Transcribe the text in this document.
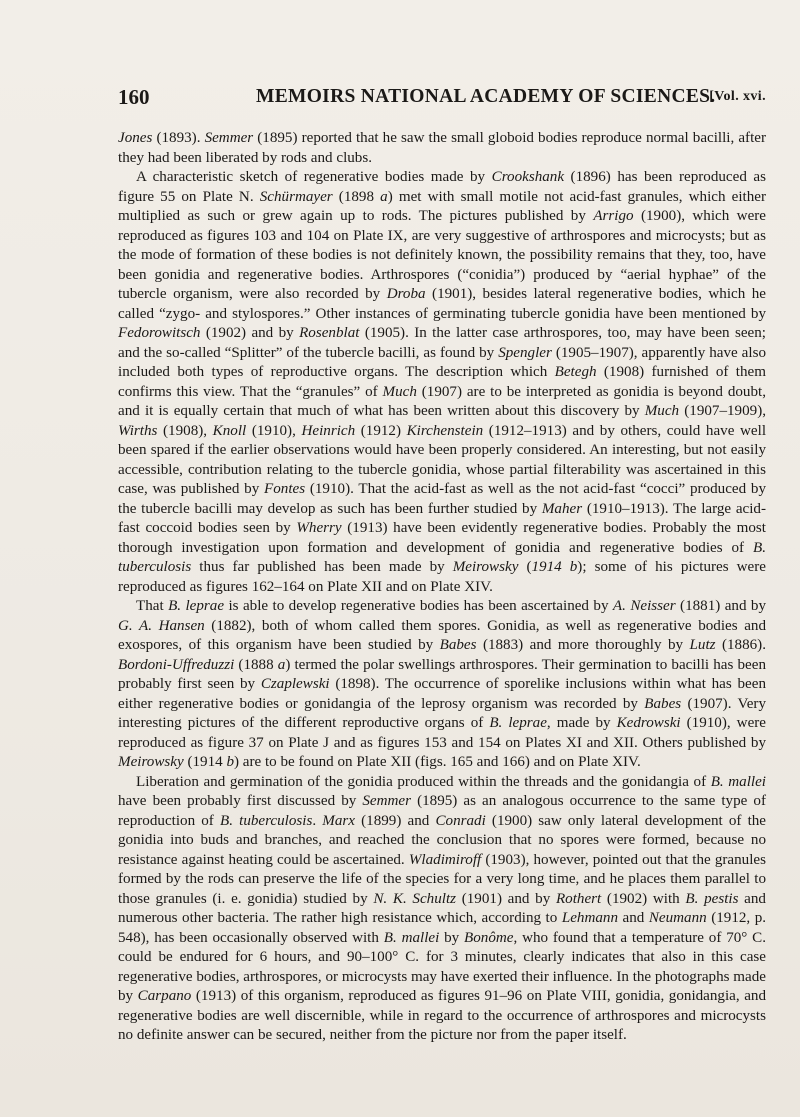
160	MEMOIRS NATIONAL ACADEMY OF SCIENCES.
[Vol. xvi.

Jones (1893). Semmer (1895) reported that he saw the small globoid bodies reproduce normal bacilli, after they had been liberated by rods and clubs.

A characteristic sketch of regenerative bodies made by Crookshank (1896) has been reproduced as figure 55 on Plate N. Schürmayer (1898 a) met with small motile not acid-fast granules, which either multiplied as such or grew again up to rods. The pictures published by Arrigo (1900), which were reproduced as figures 103 and 104 on Plate IX, are very suggestive of arthrospores and microcysts; but as the mode of formation of these bodies is not definitely known, the possibility remains that they, too, have been gonidia and regenerative bodies. Arthrospores (“conidia”) produced by “aerial hyphae” of the tubercle organism, were also recorded by Droba (1901), besides lateral regenerative bodies, which he called “zygo- and stylospores.” Other instances of germinating tubercle gonidia have been mentioned by Fedorowitsch (1902) and by Rosenblat (1905). In the latter case arthrospores, too, may have been seen; and the so-called “Splitter” of the tubercle bacilli, as found by Spengler (1905–1907), apparently have also included both types of reproductive organs. The description which Betegh (1908) furnished of them confirms this view. That the “granules” of Much (1907) are to be interpreted as gonidia is beyond doubt, and it is equally certain that much of what has been written about this discovery by Much (1907–1909), Wirths (1908), Knoll (1910), Heinrich (1912) Kirchenstein (1912–1913) and by others, could have well been spared if the earlier observations would have been properly considered. An interesting, but not easily accessible, contribution relating to the tubercle gonidia, whose partial filterability was ascertained in this case, was published by Fontes (1910). That the acid-fast as well as the not acid-fast “cocci” produced by the tubercle bacilli may develop as such has been further studied by Maher (1910–1913). The large acid-fast coccoid bodies seen by Wherry (1913) have been evidently regenerative bodies. Probably the most thorough investigation upon formation and development of gonidia and regenerative bodies of B. tuberculosis thus far published has been made by Meirowsky (1914 b); some of his pictures were reproduced as figures 162–164 on Plate XII and on Plate XIV.

That B. leprae is able to develop regenerative bodies has been ascertained by A. Neisser (1881) and by G. A. Hansen (1882), both of whom called them spores. Gonidia, as well as regenerative bodies and exospores, of this organism have been studied by Babes (1883) and more thoroughly by Lutz (1886). Bordoni-Uffreduzzi (1888 a) termed the polar swellings arthrospores. Their germination to bacilli has been probably first seen by Czaplewski (1898). The occurrence of sporelike inclusions within what has been either regenerative bodies or gonidangia of the leprosy organism was recorded by Babes (1907). Very interesting pictures of the different reproductive organs of B. leprae, made by Kedrowski (1910), were reproduced as figure 37 on Plate J and as figures 153 and 154 on Plates XI and XII. Others published by Meirowsky (1914 b) are to be found on Plate XII (figs. 165 and 166) and on Plate XIV.

Liberation and germination of the gonidia produced within the threads and the gonidangia of B. mallei have been probably first discussed by Semmer (1895) as an analogous occurrence to the same type of reproduction of B. tuberculosis. Marx (1899) and Conradi (1900) saw only lateral development of the gonidia into buds and branches, and reached the conclusion that no spores were formed, because no resistance against heating could be ascertained. Wladimiroff (1903), however, pointed out that the granules formed by the rods can preserve the life of the species for a very long time, and he places them parallel to those granules (i. e. gonidia) studied by N. K. Schultz (1901) and by Rothert (1902) with B. pestis and numerous other bacteria. The rather high resistance which, according to Lehmann and Neumann (1912, p. 548), has been occasionally observed with B. mallei by Bonôme, who found that a temperature of 70° C. could be endured for 6 hours, and 90–100° C. for 3 minutes, clearly indicates that also in this case regenerative bodies, arthrospores, or microcysts may have exerted their influence. In the photographs made by Carpano (1913) of this organism, reproduced as figures 91–96 on Plate VIII, gonidia, gonidangia, and regenerative bodies are well discernible, while in regard to the occurrence of arthrospores and microcysts no definite answer can be secured, neither from the picture nor from the paper itself.
